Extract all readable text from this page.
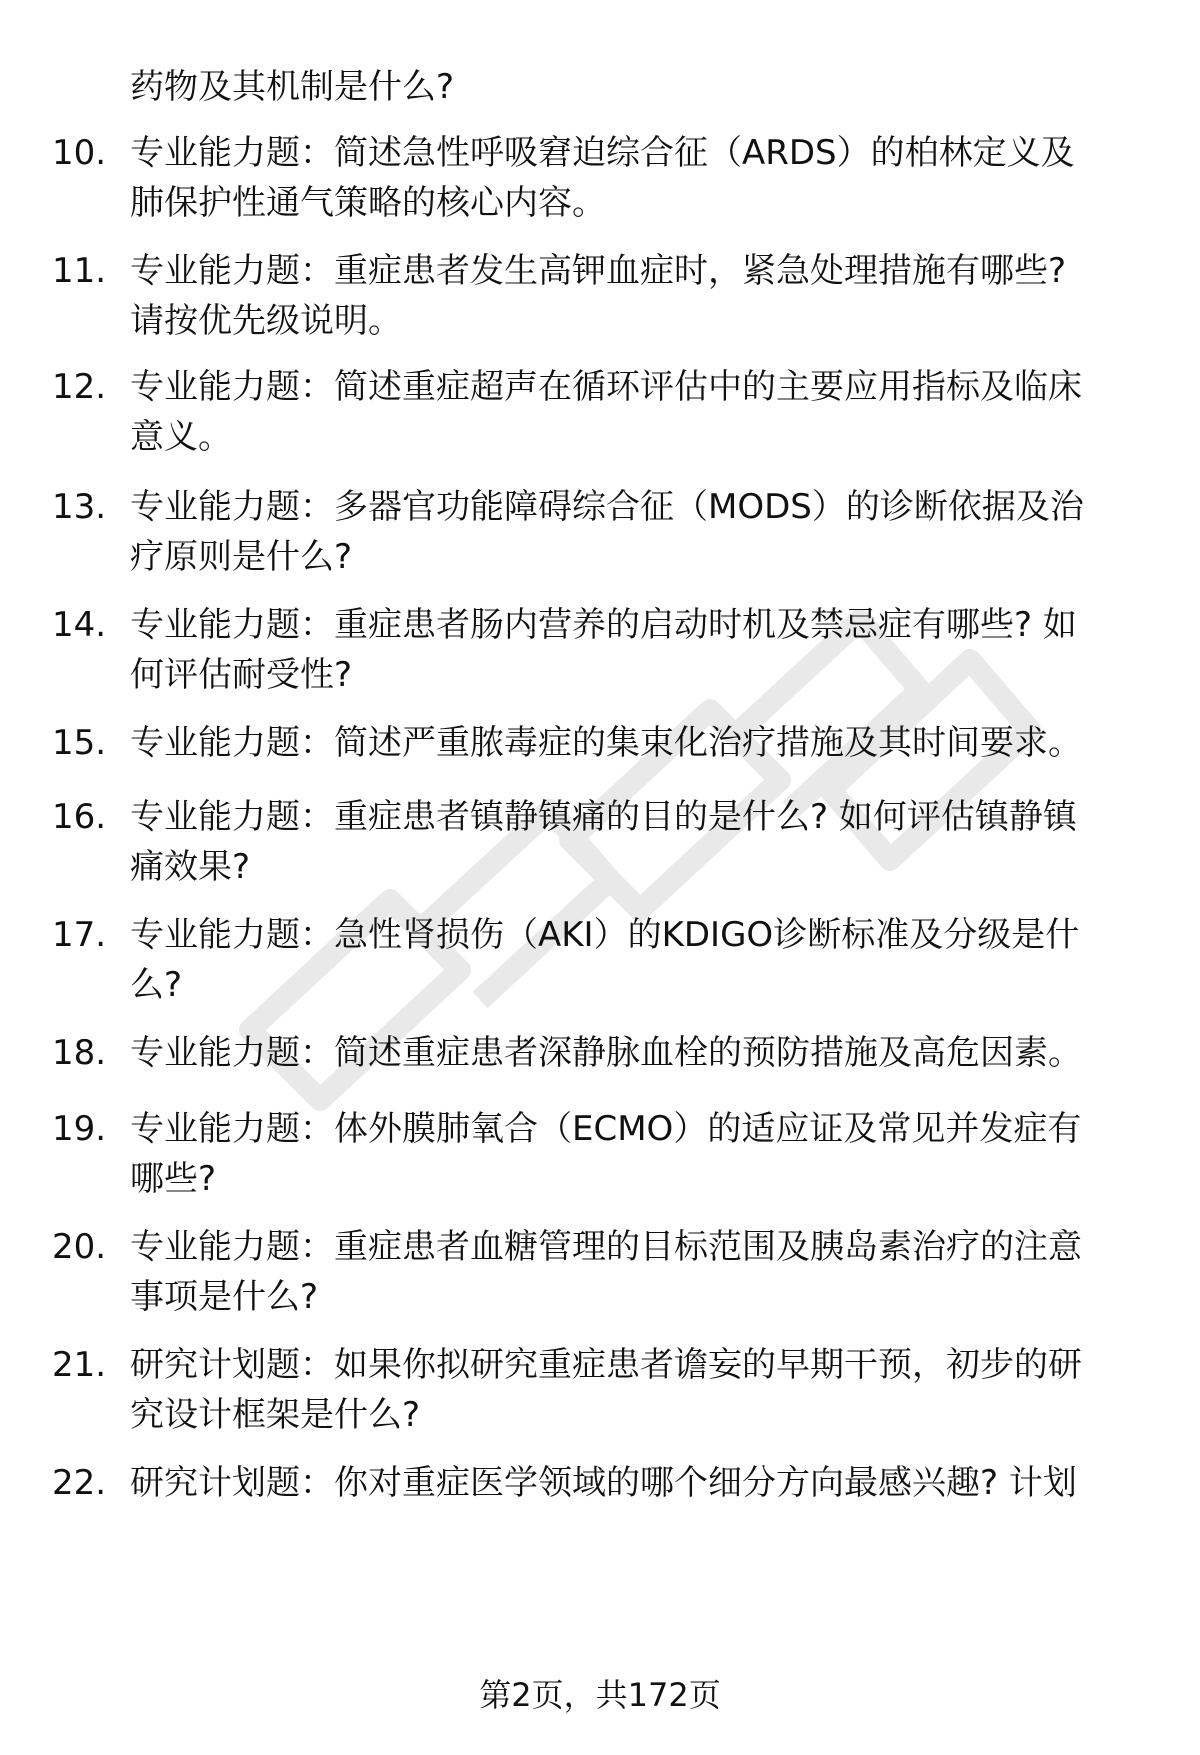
药物及其机制是什么?
10. 专业能力题：简述急性呼吸窘迫综合征（ARDS）的柏林定义及
肺保护性通气策略的核心内容。
11. 专业能力题：重症患者发生高钾血症时，紧急处理措施有哪些?
请按优先级说明。
12. 专业能力题：简述重症超声在循环评估中的主要应用指标及临床
意义。
13. 专业能力题：多器官功能障碍综合征（MODS）的诊断依据及治
疗原则是什么?
14. 专业能力题：重症患者肠内营养的启动时机及禁忌症有哪些? 如
何评估耐受性?
15. 专业能力题：简述严重脓毒症的集束化治疗措施及其时间要求。
16. 专业能力题：重症患者镇静镇痛的目的是什么? 如何评估镇静镇
痛效果?
17. 专业能力题：急性肾损伤（AKI）的KDIGO诊断标准及分级是什
么?
18. 专业能力题：简述重症患者深静脉血栓的预防措施及高危因素。
19. 专业能力题：体外膜肺氧合（ECMO）的适应证及常见并发症有
哪些?
20. 专业能力题：重症患者血糖管理的目标范围及胰岛素治疗的注意
事项是什么?
21. 研究计划题：如果你拟研究重症患者谵妄的早期干预，初步的研
究设计框架是什么?
22. 研究计划题：你对重症医学领域的哪个细分方向最感兴趣? 计划
第2页，共172页
